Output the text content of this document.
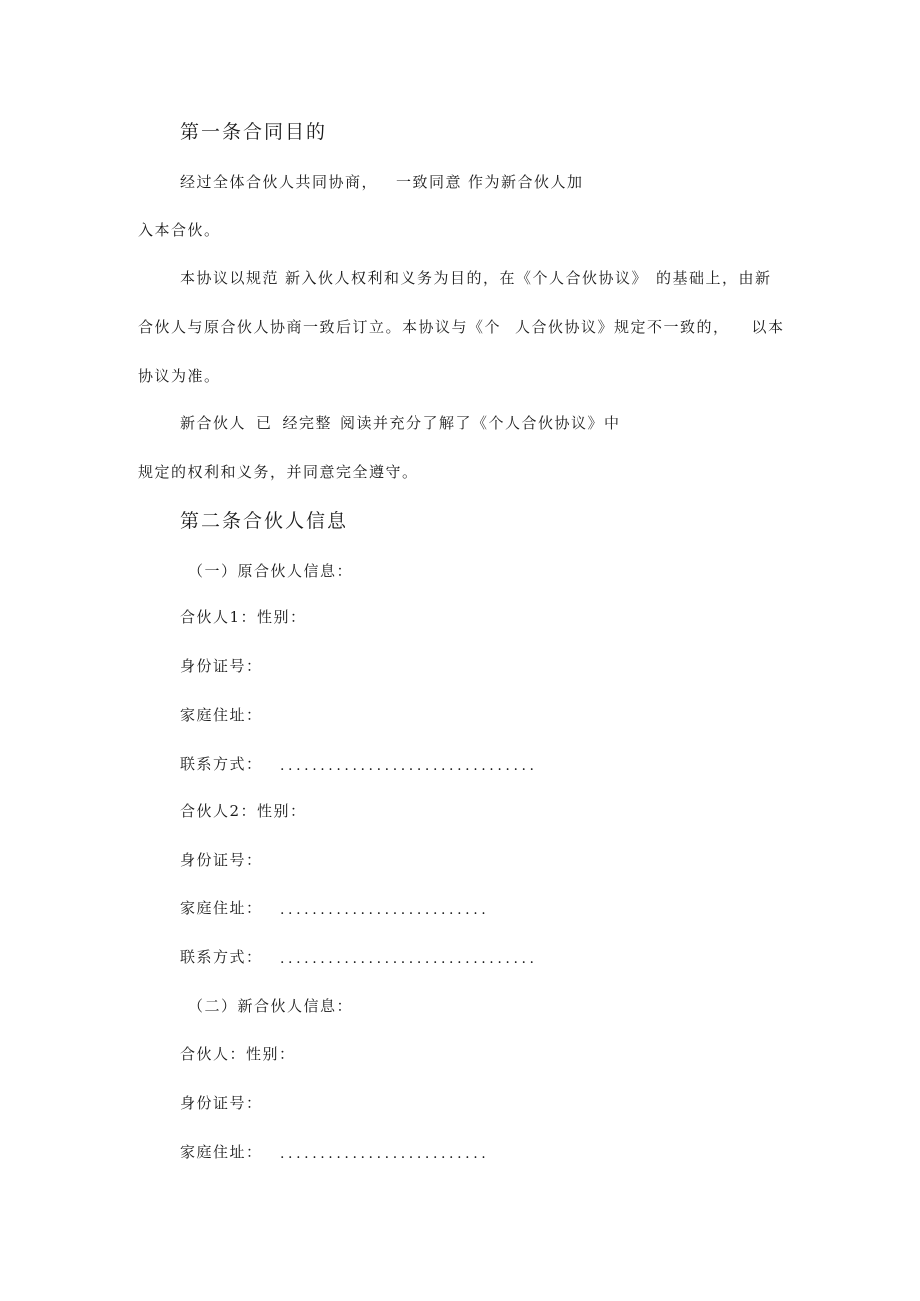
第一条合同目的
经过全体合伙人共同协商， 一致同意 作为新合伙人加
入本合伙。
本协议以规范 新入伙人权利和义务为目的，在《个人合伙协议》 的基础上，由新
合伙人与原合伙人协商一致后订立。本协议与《个 人合伙协议》规定不一致的， 以本
协议为准。
新合伙人 已 经完整 阅读并充分了解了《个人合伙协议》中
规定的权利和义务，并同意完全遵守。
第二条合伙人信息
（一）原合伙人信息：
合伙人1：性别：
身份证号：
家庭住址：
联系方式： ................................
合伙人2：性别：
身份证号：
家庭住址： ..........................
联系方式： ................................
（二）新合伙人信息：
合伙人：性别：
身份证号：
家庭住址： ..........................
